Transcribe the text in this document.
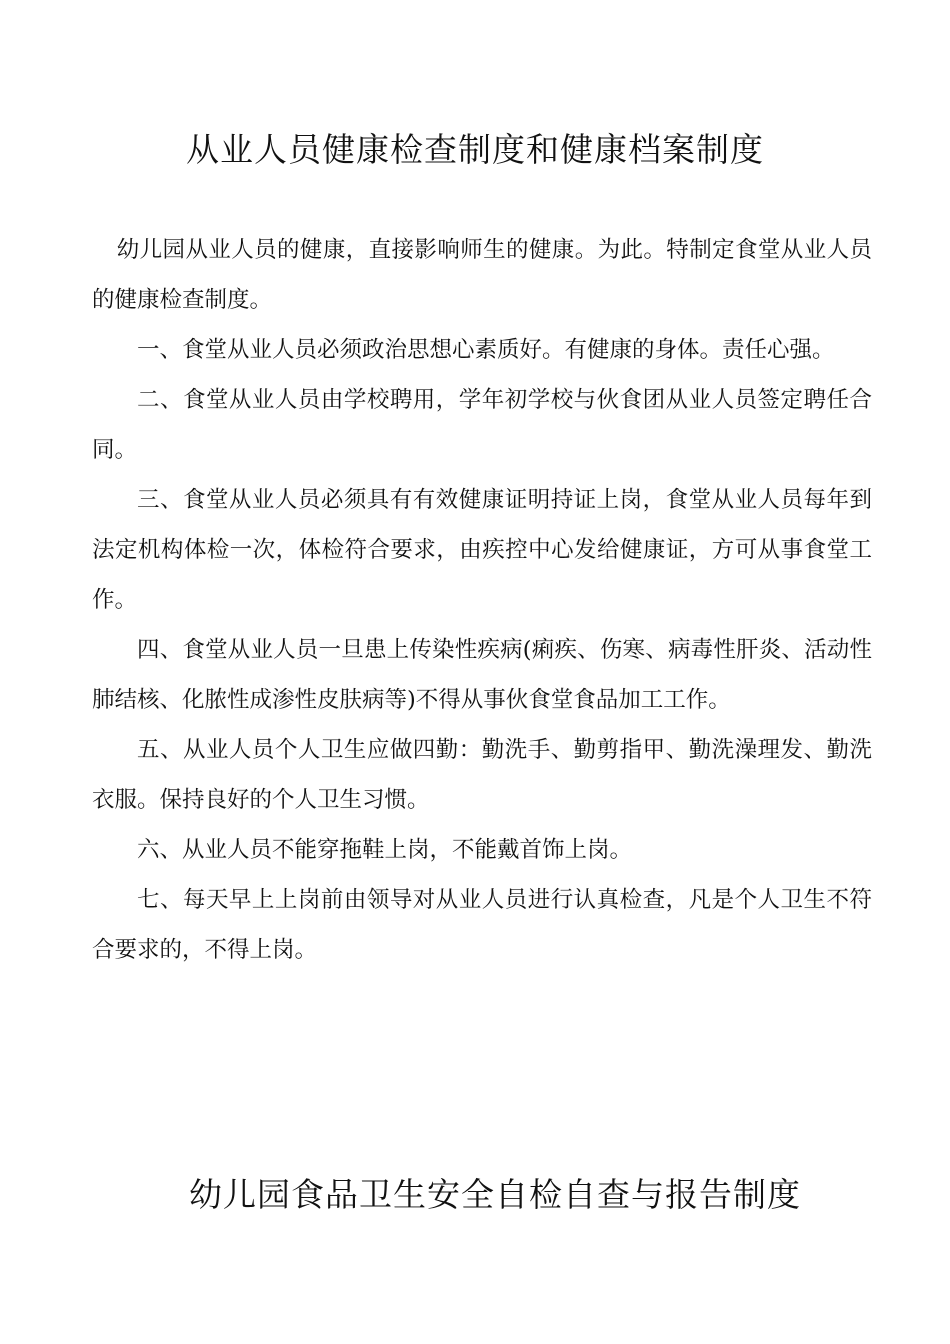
从业人员健康检查制度和健康档案制度

幼儿园从业人员的健康，直接影响师生的健康。为此。特制定食堂从业人员的健康检查制度。

一、食堂从业人员必须政治思想心素质好。有健康的身体。责任心强。

二、食堂从业人员由学校聘用，学年初学校与伙食团从业人员签定聘任合同。

三、食堂从业人员必须具有有效健康证明持证上岗，食堂从业人员每年到法定机构体检一次，体检符合要求，由疾控中心发给健康证，方可从事食堂工作。

四、食堂从业人员一旦患上传染性疾病(痢疾、伤寒、病毒性肝炎、活动性肺结核、化脓性成渗性皮肤病等)不得从事伙食堂食品加工工作。

五、从业人员个人卫生应做四勤：勤洗手、勤剪指甲、勤洗澡理发、勤洗衣服。保持良好的个人卫生习惯。

六、从业人员不能穿拖鞋上岗，不能戴首饰上岗。

七、每天早上上岗前由领导对从业人员进行认真检查，凡是个人卫生不符合要求的，不得上岗。

幼儿园食品卫生安全自检自查与报告制度
